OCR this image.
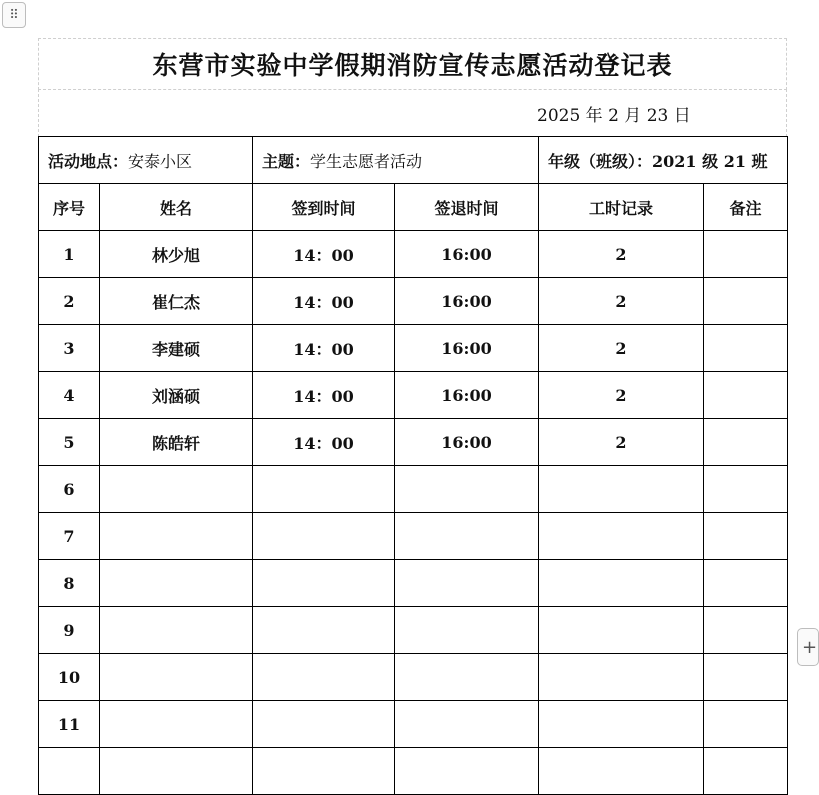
⠿
东营市实验中学假期消防宣传志愿活动登记表
2025 年 2 月 23 日
活动地点：安泰小区		主题：学生志愿者活动		年级（班级）：2021 级 21 班	
序号	姓名	签到时间	签退时间	工时记录	备注
1	林少旭	14：00	16:00	2	
2	崔仁杰	14：00	16:00	2	
3	李建硕	14：00	16:00	2	
4	刘涵硕	14：00	16:00	2	
5	陈皓轩	14：00	16:00	2	
6					
7					
8					
9					
10					
11					

+
